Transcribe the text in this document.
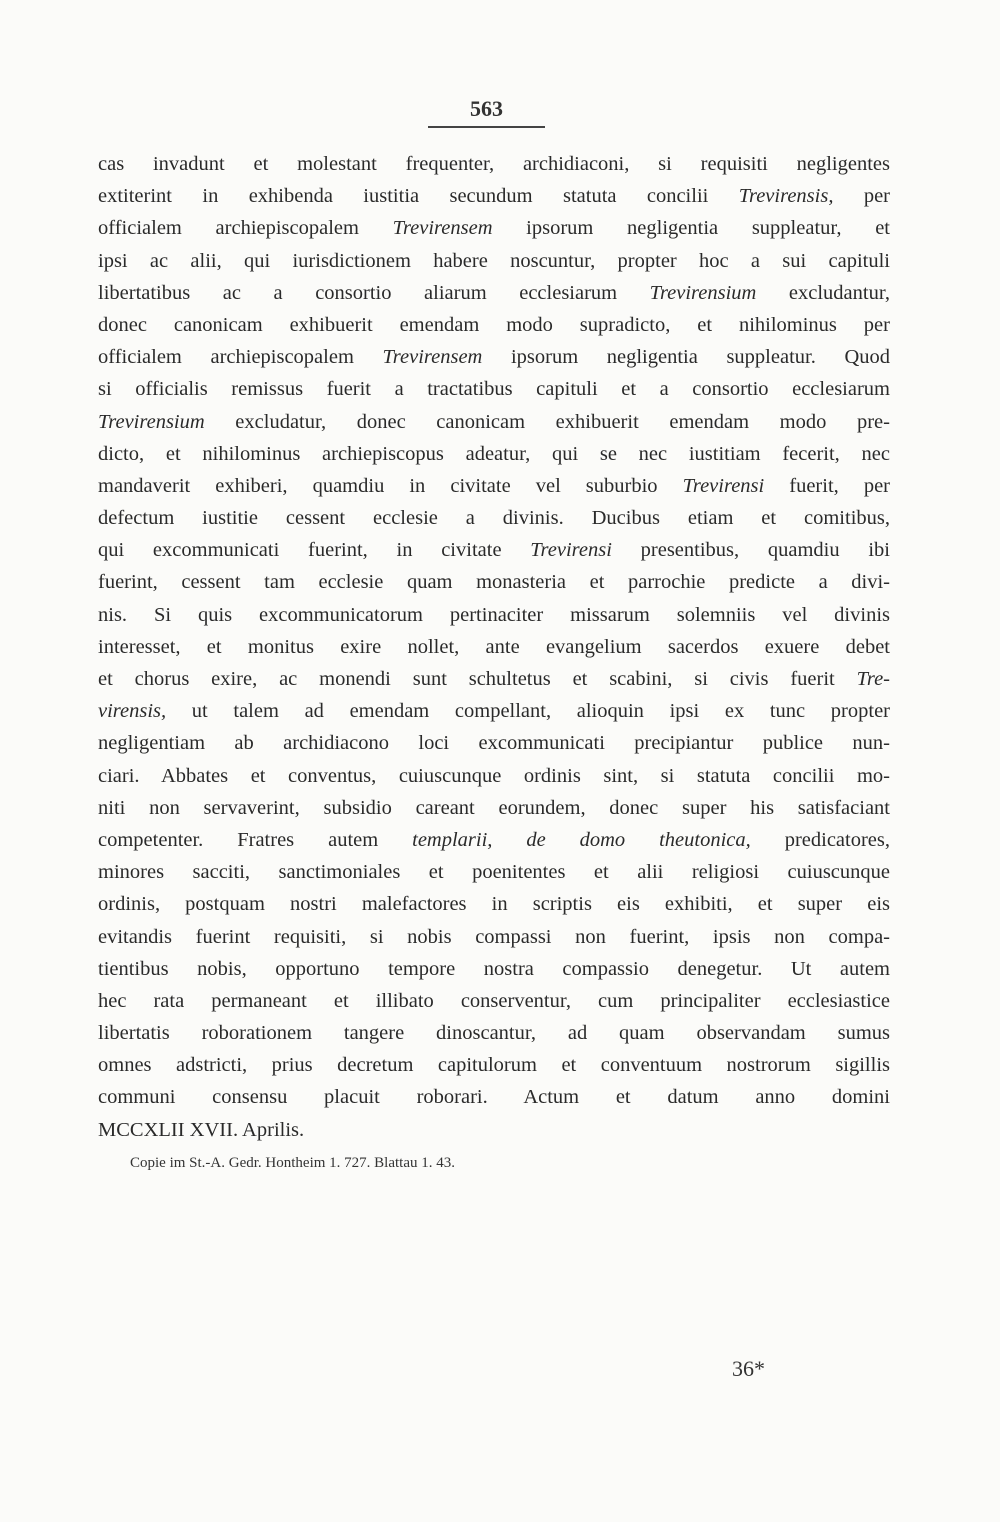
563
cas invadunt et molestant frequenter, archidiaconi, si requisiti negligentes
extiterint in exhibenda iustitia secundum statuta concilii Trevirensis, per
officialem archiepiscopalem Trevirensem ipsorum negligentia suppleatur, et
ipsi ac alii, qui iurisdictionem habere noscuntur, propter hoc a sui capituli
libertatibus ac a consortio aliarum ecclesiarum Trevirensium excludantur,
donec canonicam exhibuerit emendam modo supradicto, et nihilominus per
officialem archiepiscopalem Trevirensem ipsorum negligentia suppleatur. Quod
si officialis remissus fuerit a tractatibus capituli et a consortio ecclesiarum
Trevirensium excludatur, donec canonicam exhibuerit emendam modo pre-
dicto, et nihilominus archiepiscopus adeatur, qui se nec iustitiam fecerit, nec
mandaverit exhiberi, quamdiu in civitate vel suburbio Trevirensi fuerit, per
defectum iustitie cessent ecclesie a divinis. Ducibus etiam et comitibus,
qui excommunicati fuerint, in civitate Trevirensi presentibus, quamdiu ibi
fuerint, cessent tam ecclesie quam monasteria et parrochie predicte a divi-
nis. Si quis excommunicatorum pertinaciter missarum solemniis vel divinis
interesset, et monitus exire nollet, ante evangelium sacerdos exuere debet
et chorus exire, ac monendi sunt schultetus et scabini, si civis fuerit Tre-
virensis, ut talem ad emendam compellant, alioquin ipsi ex tunc propter
negligentiam ab archidiacono loci excommunicati precipiantur publice nun-
ciari. Abbates et conventus, cuiuscunque ordinis sint, si statuta concilii mo-
niti non servaverint, subsidio careant eorundem, donec super his satisfaciant
competenter. Fratres autem templarii, de domo theutonica, predicatores,
minores sacciti, sanctimoniales et poenitentes et alii religiosi cuiuscunque
ordinis, postquam nostri malefactores in scriptis eis exhibiti, et super eis
evitandis fuerint requisiti, si nobis compassi non fuerint, ipsis non compa-
tientibus nobis, opportuno tempore nostra compassio denegetur. Ut autem
hec rata permaneant et illibato conserventur, cum principaliter ecclesiastice
libertatis roborationem tangere dinoscantur, ad quam observandam sumus
omnes adstricti, prius decretum capitulorum et conventuum nostrorum sigillis
communi consensu placuit roborari. Actum et datum anno domini
MCCXLII XVII. Aprilis.
Copie im St.-A. Gedr. Hontheim 1. 727. Blattau 1. 43.
36*
